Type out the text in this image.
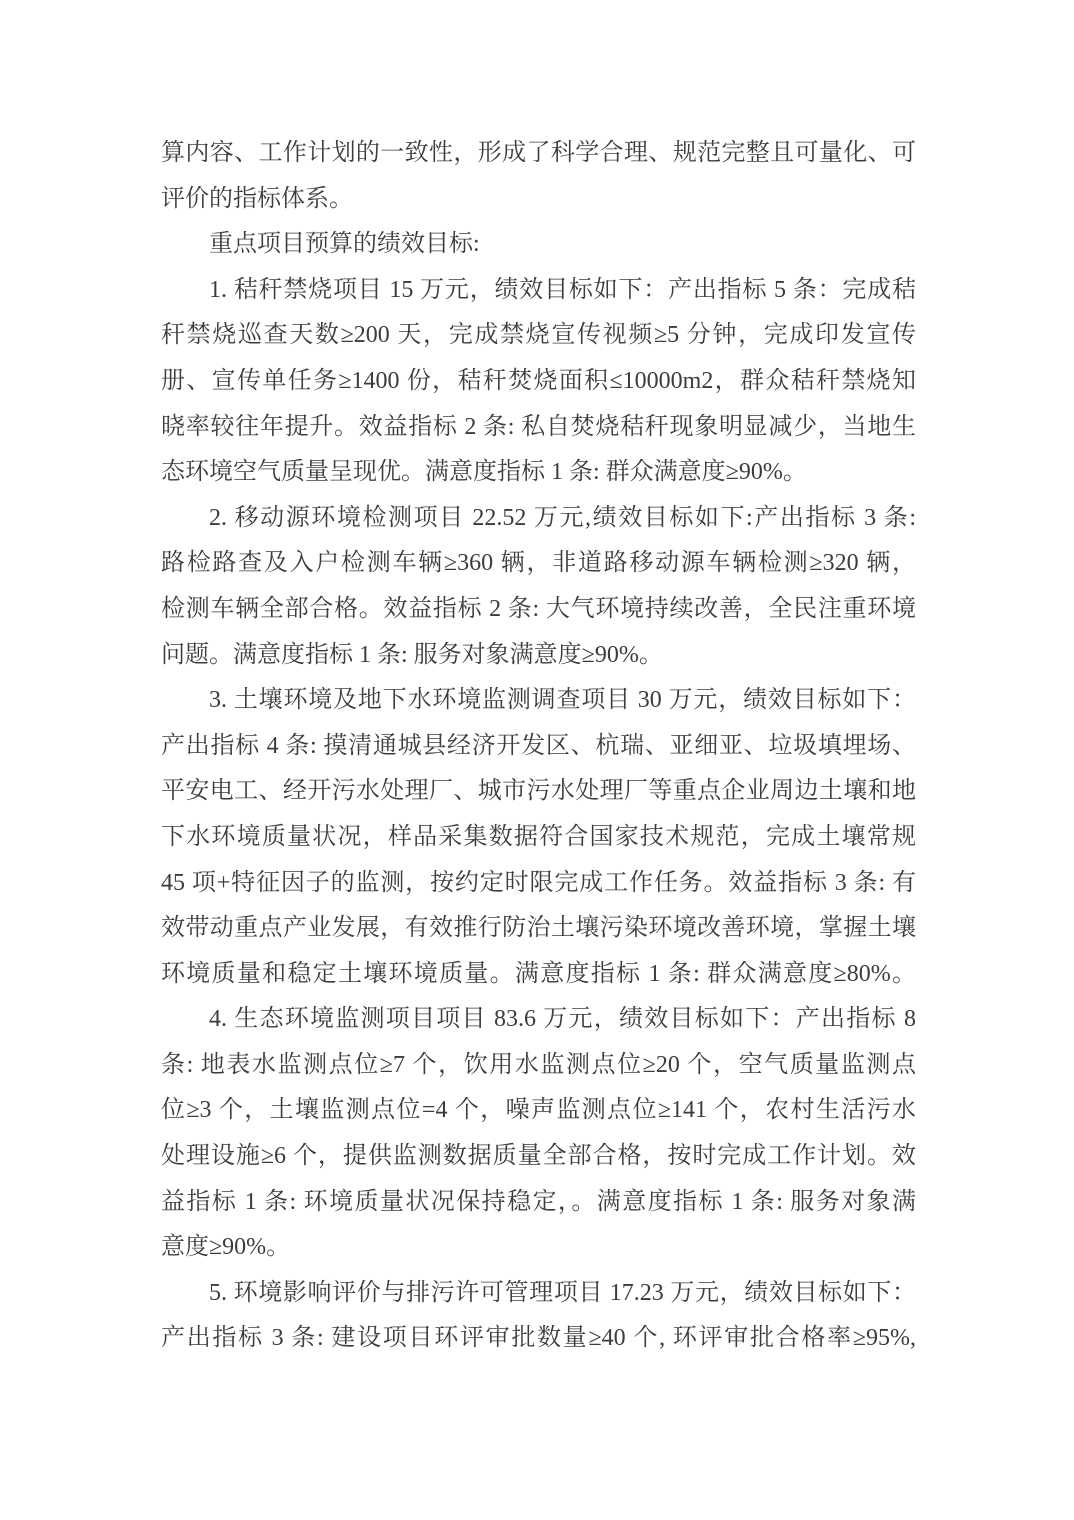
算内容、工作计划的一致性，形成了科学合理、规范完整且可量化、可
评价的指标体系。
重点项目预算的绩效目标:
1. 秸秆禁烧项目 15 万元，绩效目标如下：产出指标 5 条：完成秸
秆禁烧巡查天数≥200 天，完成禁烧宣传视频≥5 分钟，完成印发宣传
册、宣传单任务≥1400 份，秸秆焚烧面积≤10000m2，群众秸秆禁烧知
晓率较往年提升。效益指标 2 条: 私自焚烧秸秆现象明显减少，当地生
态环境空气质量呈现优。满意度指标 1 条: 群众满意度≥90%。
2. 移动源环境检测项目 22.52 万元,绩效目标如下:产出指标 3 条:
路检路查及入户检测车辆≥360 辆，非道路移动源车辆检测≥320 辆，
检测车辆全部合格。效益指标 2 条: 大气环境持续改善，全民注重环境
问题。满意度指标 1 条: 服务对象满意度≥90%。
3. 土壤环境及地下水环境监测调查项目 30 万元，绩效目标如下：
产出指标 4 条: 摸清通城县经济开发区、杭瑞、亚细亚、垃圾填埋场、
平安电工、经开污水处理厂、城市污水处理厂等重点企业周边土壤和地
下水环境质量状况，样品采集数据符合国家技术规范，完成土壤常规
45 项+特征因子的监测，按约定时限完成工作任务。效益指标 3 条: 有
效带动重点产业发展，有效推行防治土壤污染环境改善环境，掌握土壤
环境质量和稳定土壤环境质量。满意度指标 1 条: 群众满意度≥80%。
4. 生态环境监测项目项目 83.6 万元，绩效目标如下：产出指标 8
条: 地表水监测点位≥7 个，饮用水监测点位≥20 个，空气质量监测点
位≥3 个，土壤监测点位=4 个，噪声监测点位≥141 个，农村生活污水
处理设施≥6 个，提供监测数据质量全部合格，按时完成工作计划。效
益指标 1 条: 环境质量状况保持稳定，。满意度指标 1 条: 服务对象满
意度≥90%。
5. 环境影响评价与排污许可管理项目 17.23 万元，绩效目标如下：
产出指标 3 条: 建设项目环评审批数量≥40 个, 环评审批合格率≥95%,
